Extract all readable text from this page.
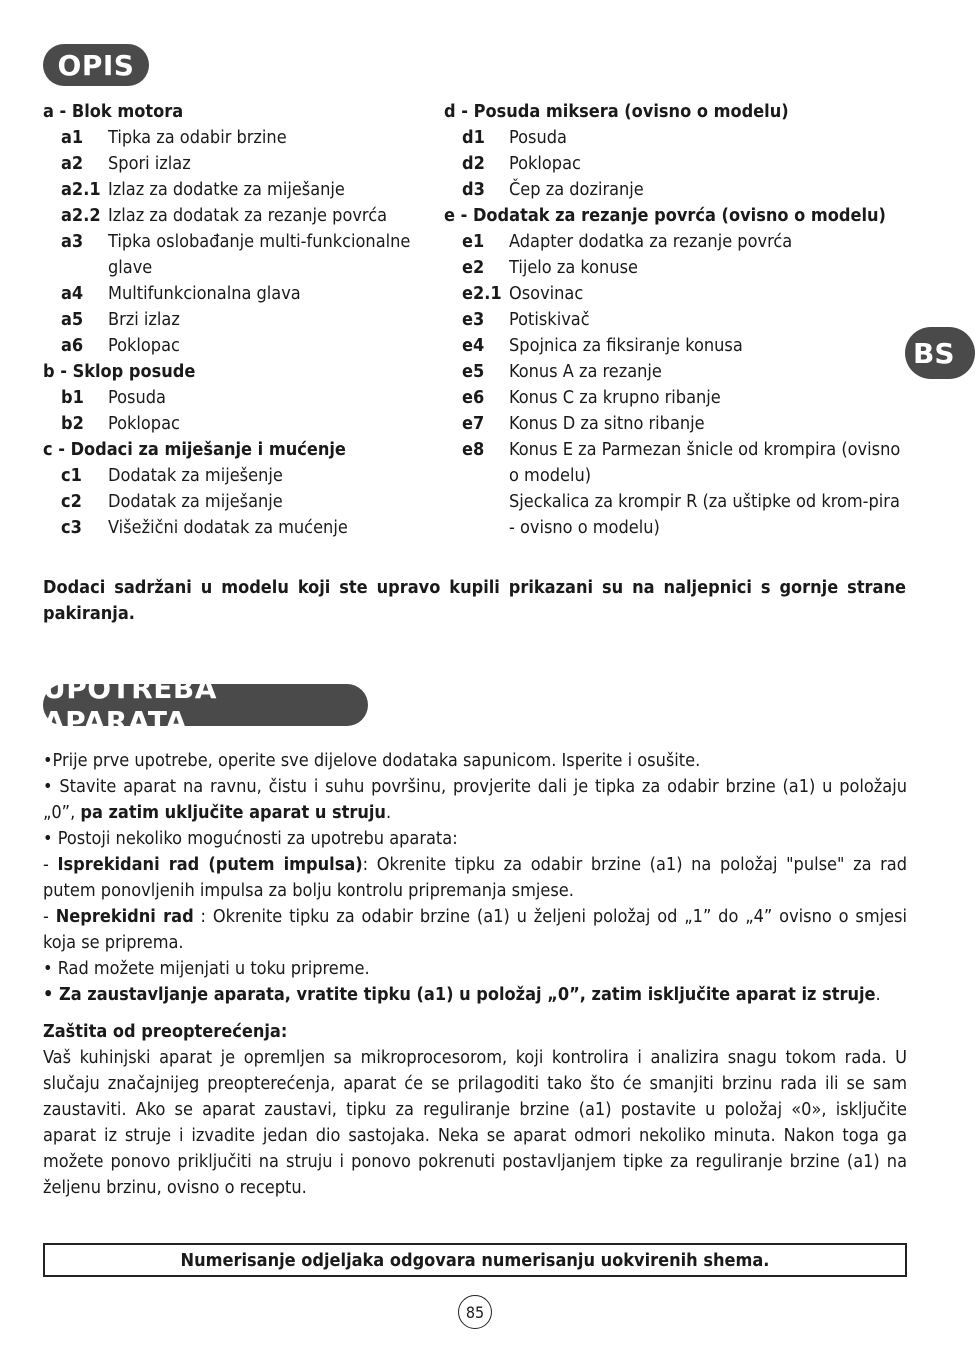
OPIS
BS
a - Blok motora
a1	Tipka za odabir brzine
a2	Spori izlaz
a2.1 Izlaz za dodatke za miješanje
a2.2 Izlaz za dodatak za rezanje povrća
a3	Tipka oslobađanje multi-funkcionalne glave
a4	Multifunkcionalna glava
a5	Brzi izlaz
a6	Poklopac
b - Sklop posude
b1	Posuda
b2	Poklopac
c - Dodaci za miješanje i mućenje
c1	Dodatak za miješenje
c2	Dodatak za miješanje
c3	Višežični dodatak za mućenje
d - Posuda miksera (ovisno o modelu)
d1	Posuda
d2	Poklopac
d3	Čep za doziranje
e - Dodatak za rezanje povrća (ovisno o modelu)
e1	Adapter dodatka za rezanje povrća
e2	Tijelo za konuse
e2.1 Osovinac
e3	Potiskivač
e4	Spojnica za fiksiranje konusa
e5	Konus A za rezanje
e6	Konus C za krupno ribanje
e7	Konus D za sitno ribanje
e8	Konus E za Parmezan šnicle od krompira (ovisno o modelu)
Sjeckalica za krompir R (za uštipke od krom-pira - ovisno o modelu)
Dodaci sadržani u modelu koji ste upravo kupili prikazani su na naljepnici s gornje strane pakiranja.
UPOTREBA APARATA

•Prije prve upotrebe, operite sve dijelove dodataka sapunicom. Isperite i osušite.

• Stavite aparat na ravnu, čistu i suhu površinu, provjerite dali je tipka za odabir brzine (a1) u položaju „0”, pa zatim uključite aparat u struju.

• Postoji nekoliko mogućnosti za upotrebu aparata:

- Isprekidani rad (putem impulsa): Okrenite tipku za odabir brzine (a1) na položaj "pulse" za rad putem ponovljenih impulsa za bolju kontrolu pripremanja smjese.

- Neprekidni rad : Okrenite tipku za odabir brzine (a1) u željeni položaj od „1” do „4” ovisno o smjesi koja se priprema.

• Rad možete mijenjati u toku pripreme.

• Za zaustavljanje aparata, vratite tipku (a1) u položaj „0”, zatim isključite aparat iz struje.

Zaštita od preopterećenja:
Vaš kuhinjski aparat je opremljen sa mikroprocesorom, koji kontrolira i analizira snagu tokom rada. U slučaju značajnijeg preopterećenja, aparat će se prilagoditi tako što će smanjiti brzinu rada ili se sam zaustaviti. Ako se aparat zaustavi, tipku za reguliranje brzine (a1) postavite u položaj «0», isključite aparat iz struje i izvadite jedan dio sastojaka. Neka se aparat odmori nekoliko minuta. Nakon toga ga možete ponovo priključiti na struju i ponovo pokrenuti postavljanjem tipke za reguliranje brzine (a1) na željenu brzinu, ovisno o receptu.
Numerisanje odjeljaka odgovara numerisanju uokvirenih shema.
85
